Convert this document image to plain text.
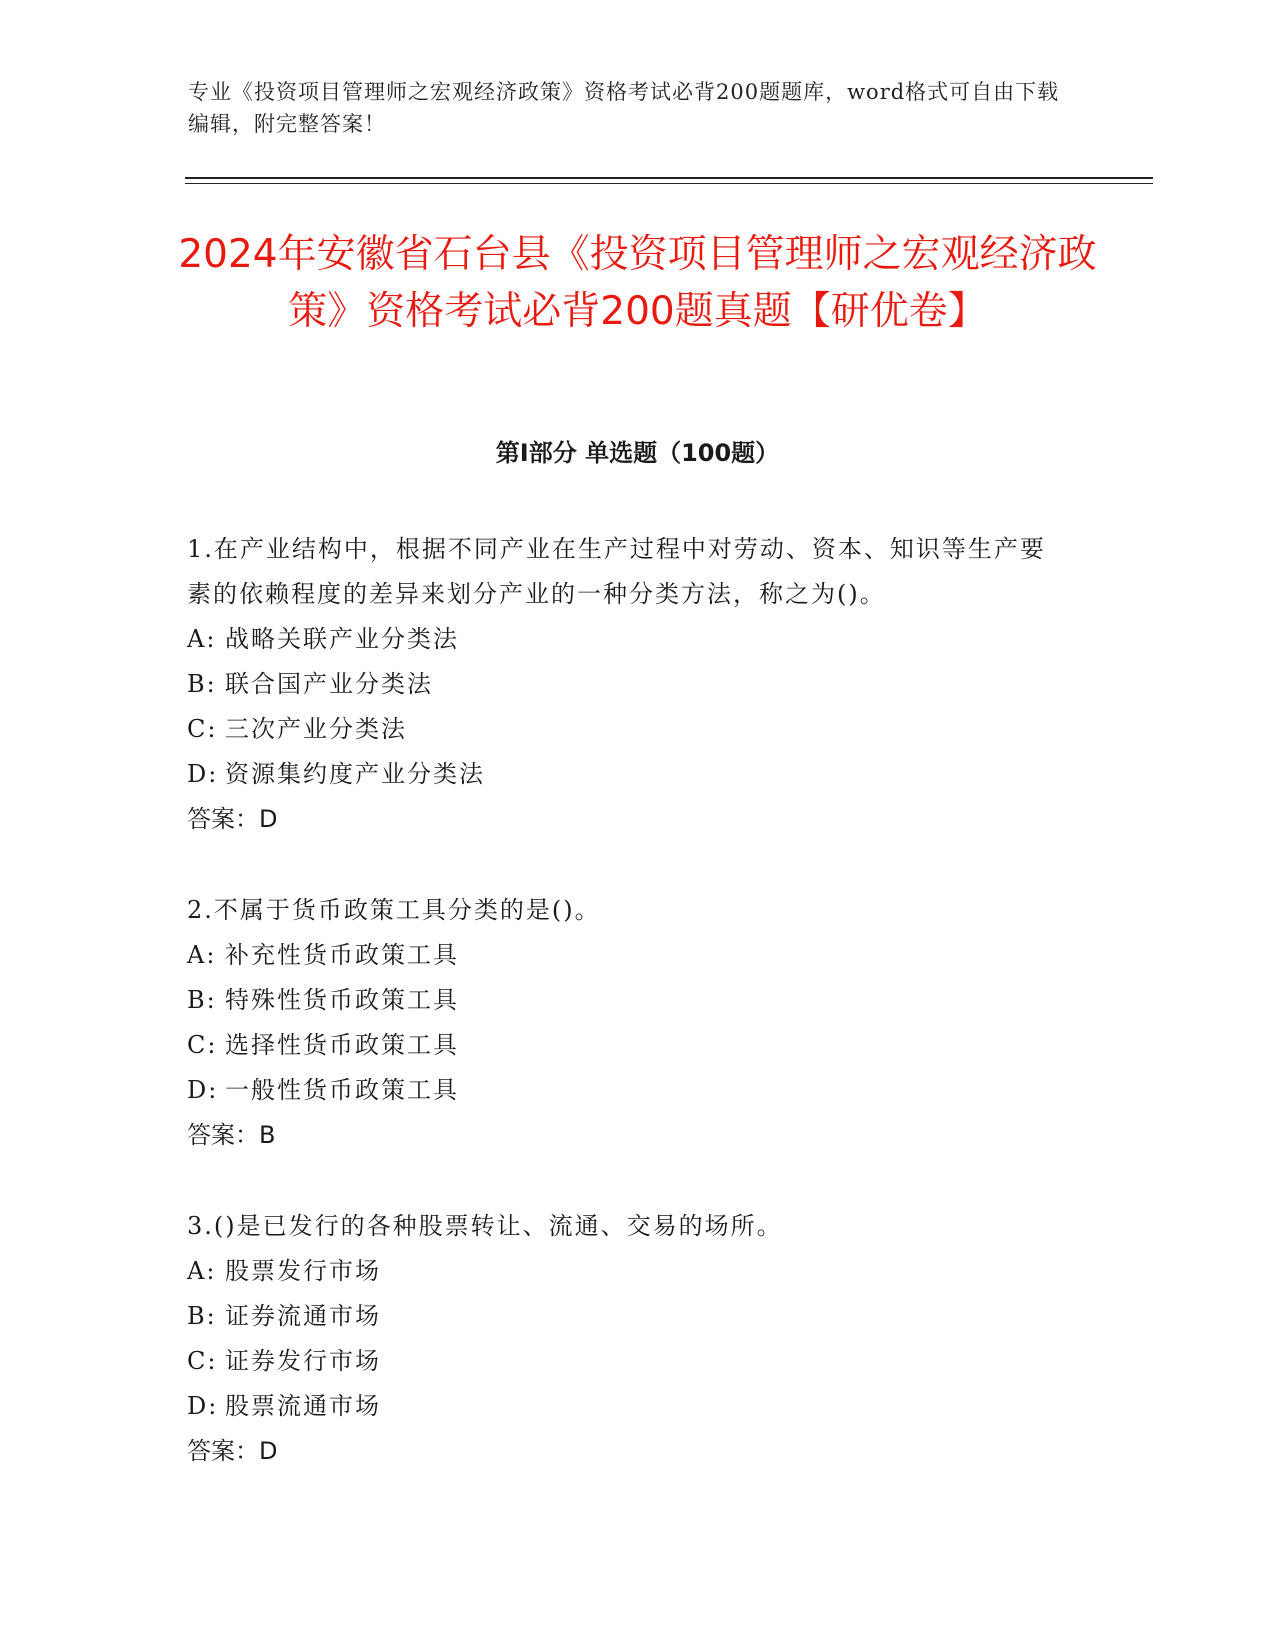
专业《投资项目管理师之宏观经济政策》资格考试必背200题题库，word格式可自由下载编辑，附完整答案！
2024年安徽省石台县《投资项目管理师之宏观经济政策》资格考试必背200题真题【研优卷】
第I部分 单选题（100题）
1.在产业结构中，根据不同产业在生产过程中对劳动、资本、知识等生产要素的依赖程度的差异来划分产业的一种分类方法，称之为()。
A: 战略关联产业分类法
B: 联合国产业分类法
C: 三次产业分类法
D: 资源集约度产业分类法
答案：D
2.不属于货币政策工具分类的是()。
A: 补充性货币政策工具
B: 特殊性货币政策工具
C: 选择性货币政策工具
D: 一般性货币政策工具
答案：B
3.()是已发行的各种股票转让、流通、交易的场所。
A: 股票发行市场
B: 证券流通市场
C: 证券发行市场
D: 股票流通市场
答案：D
